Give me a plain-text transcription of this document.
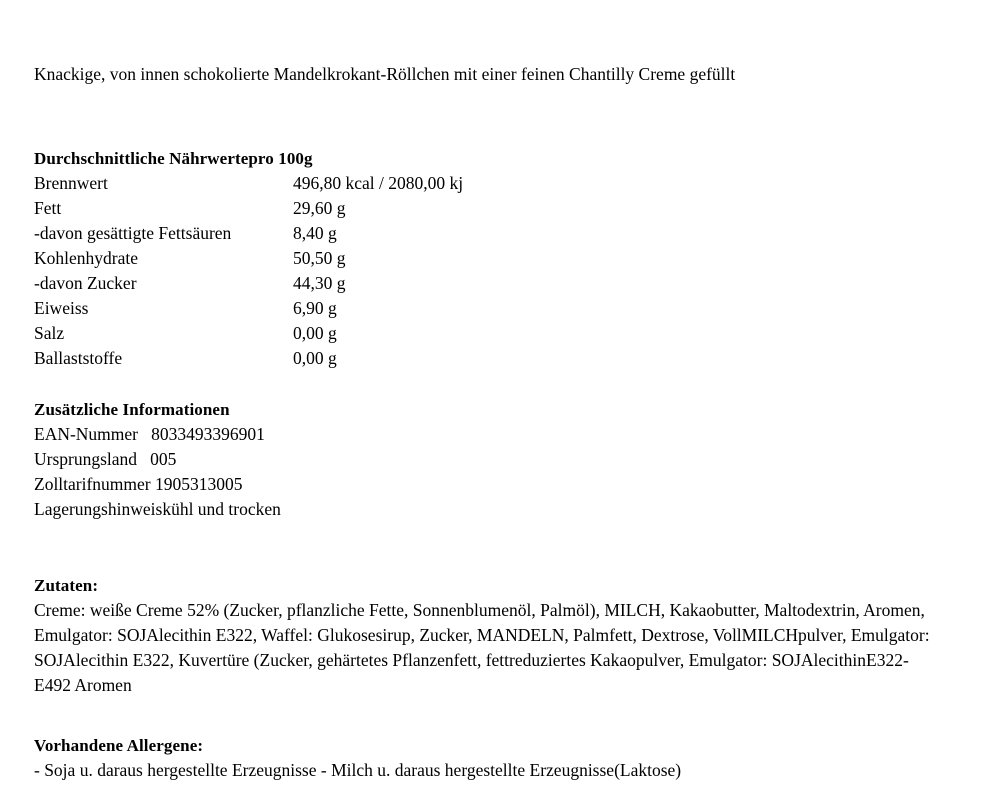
Knackige, von innen schokolierte Mandelkrokant-Röllchen mit einer feinen Chantilly Creme gefüllt

Durchschnittliche Nährwertepro 100g
Brennwert	496,80 kcal / 2080,00 kj
Fett	29,60 g
-davon gesättigte Fettsäuren	8,40 g
Kohlenhydrate	50,50 g
-davon Zucker	44,30 g
Eiweiss	6,90 g
Salz	0,00 g
Ballaststoffe	0,00 g
Zusätzliche Informationen
EAN-Nummer 8033493396901
Ursprungsland 005
Zolltarifnummer 1905313005
Lagerungshinweiskühl und trocken
Zutaten:

Creme: weiße Creme 52% (Zucker, pflanzliche Fette, Sonnenblumenöl, Palmöl), MILCH, Kakaobutter, Maltodextrin, Aromen, Emulgator: SOJAlecithin E322, Waffel: Glukosesirup, Zucker, MANDELN, Palmfett, Dextrose, VollMILCHpulver, Emulgator: SOJAlecithin E322, Kuvertüre (Zucker, gehärtetes Pflanzenfett, fettreduziertes Kakaopulver, Emulgator: SOJAlecithinE322-E492 Aromen

Vorhandene Allergene:

- Soja u. daraus hergestellte Erzeugnisse - Milch u. daraus hergestellte Erzeugnisse(Laktose)
